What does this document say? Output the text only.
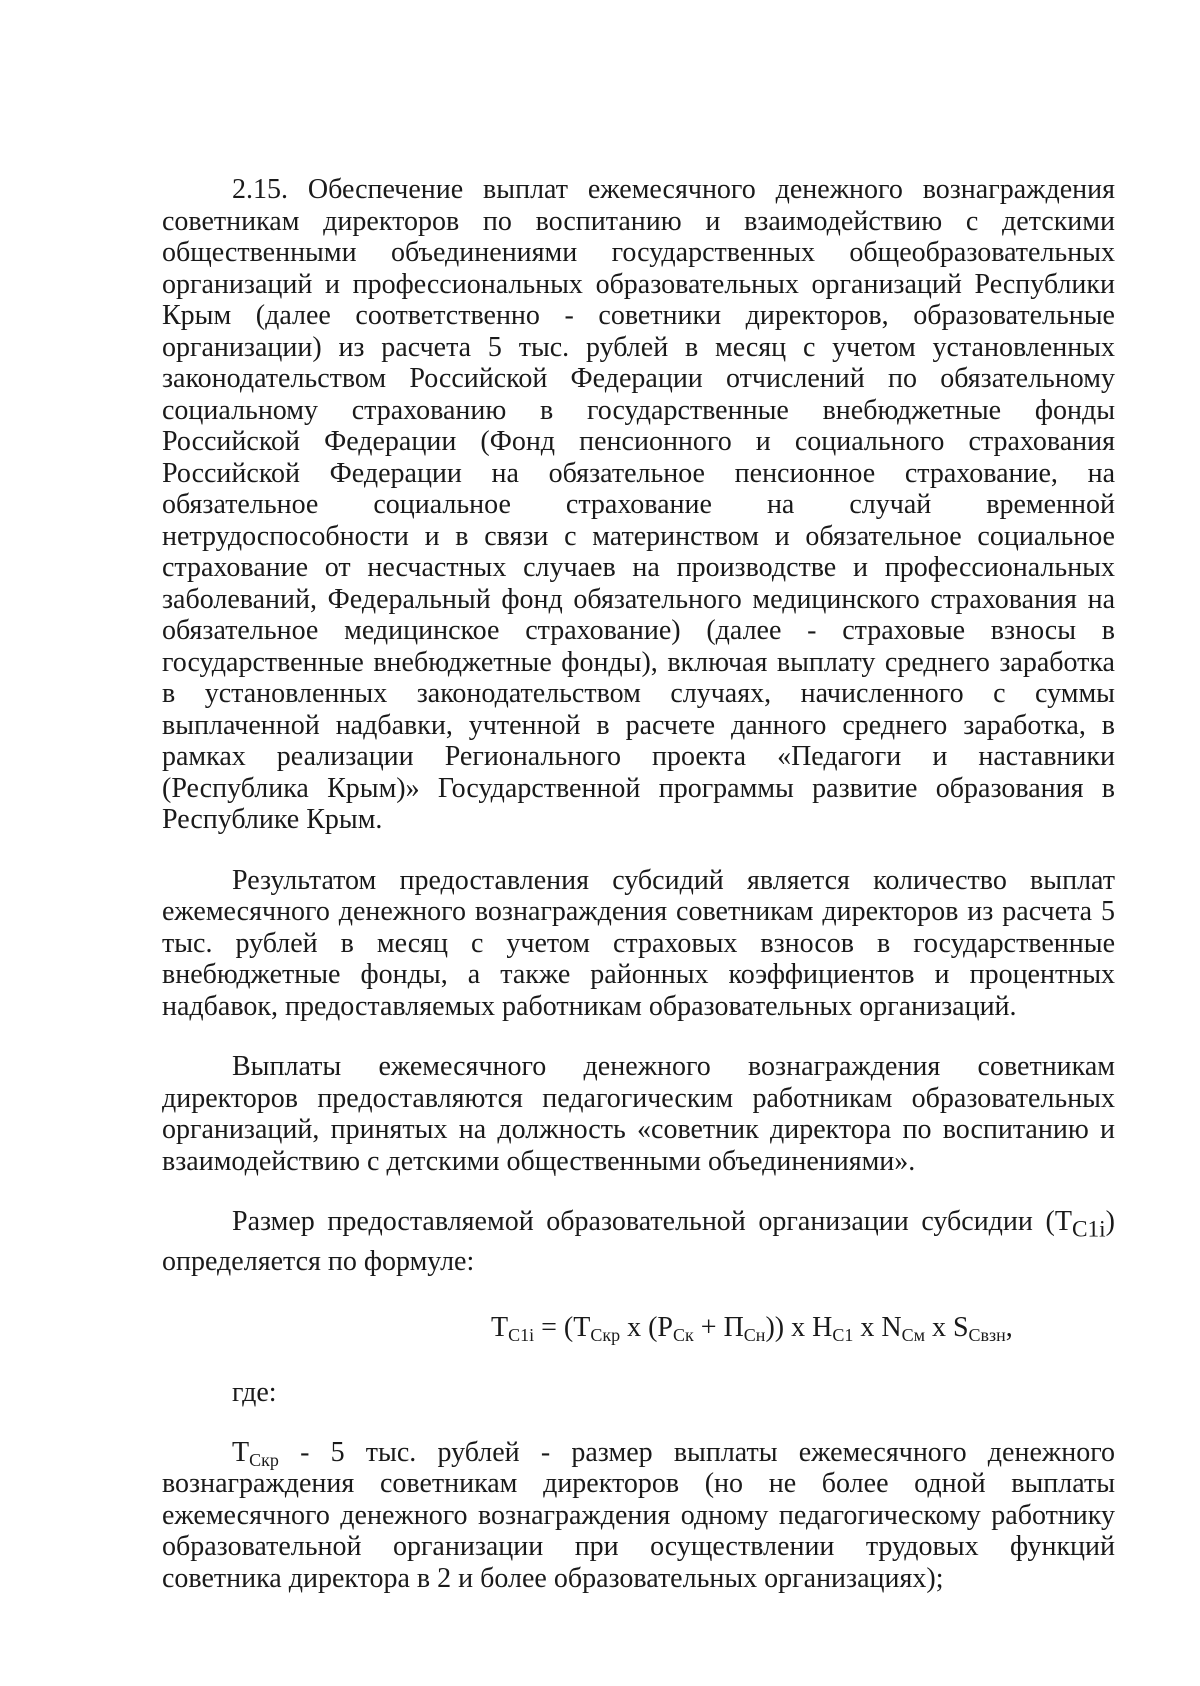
2.15. Обеспечение выплат ежемесячного денежного вознаграждения советникам директоров по воспитанию и взаимодействию с детскими общественными объединениями государственных общеобразовательных организаций и профессиональных образовательных организаций Республики Крым (далее соответственно - советники директоров, образовательные организации) из расчета 5 тыс. рублей в месяц с учетом установленных законодательством Российской Федерации отчислений по обязательному социальному страхованию в государственные внебюджетные фонды Российской Федерации (Фонд пенсионного и социального страхования Российской Федерации на обязательное пенсионное страхование, на обязательное социальное страхование на случай временной нетрудоспособности и в связи с материнством и обязательное социальное страхование от несчастных случаев на производстве и профессиональных заболеваний, Федеральный фонд обязательного медицинского страхования на обязательное медицинское страхование) (далее - страховые взносы в государственные внебюджетные фонды), включая выплату среднего заработка в установленных законодательством случаях, начисленного с суммы выплаченной надбавки, учтенной в расчете данного среднего заработка, в рамках реализации Регионального проекта «Педагоги и наставники (Республика Крым)» Государственной программы развитие образования в Республике Крым.

Результатом предоставления субсидий является количество выплат ежемесячного денежного вознаграждения советникам директоров из расчета 5 тыс. рублей в месяц с учетом страховых взносов в государственные внебюджетные фонды, а также районных коэффициентов и процентных надбавок, предоставляемых работникам образовательных организаций.

Выплаты ежемесячного денежного вознаграждения советникам директоров предоставляются педагогическим работникам образовательных организаций, принятых на должность «советник директора по воспитанию и взаимодействию с детскими общественными объединениями».

Размер предоставляемой образовательной организации субсидии $(Т_{С1i})$ определяется по формуле:

$Т_{С1i} = (Т_{Скр}$ х $(Р_{Ск} + П_{Сн})$) х $Н_{С1}$ х $N_{См}$ х $S_{Свзн}$,

где:

$Т_{Скр} - 5$ тыс. рублей - размер выплаты ежемесячного денежного вознаграждения советникам директоров (но не более одной выплаты ежемесячного денежного вознаграждения одному педагогическому работнику образовательной организации при осуществлении трудовых функций советника директора в 2 и более образовательных организациях);
